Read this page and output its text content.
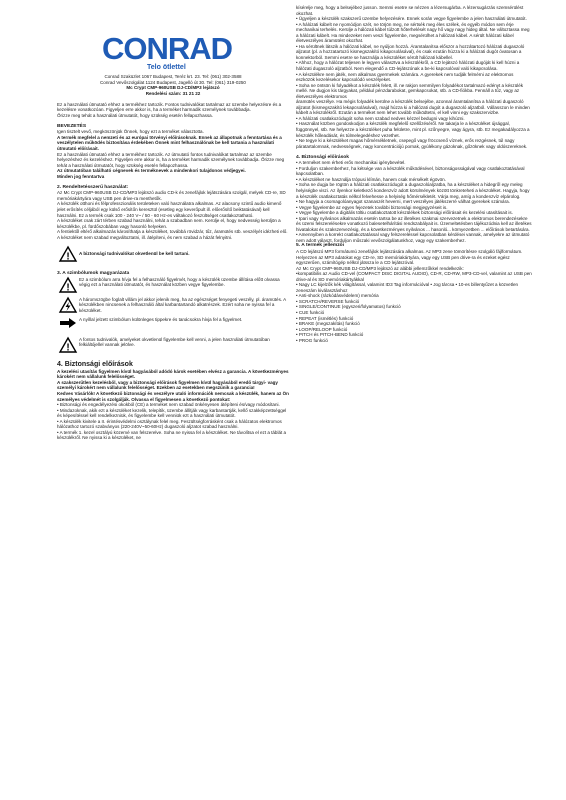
CONRAD
Telo ötlettel

Conrad Szaküzlet 1067 Budapest, Teréz krt. 23. Tel: (061) 302-3588

Conrad Vevőszolgálat 1124 Budapest, Jagelló út 30. Tel: (061) 319-0250

Mc Crypt CMP-960USB DJ-CD/MP3 lejátszó

Rendelési szám: 31 21 22

Ez a használati útmutató ehhez a termékhez tartozik. Fontos tudnivalókat tartalmaz az üzembe helyezésre és a kezelésre vonatkozóan. Figyeljen erre akkor is, ha a terméket harmadik személynek továbbadja.
Őrizze meg tehát a használati útmutatót, hogy szükség esetén fellapozhassa.

BEVEZETÉS

Igen tisztelt vevő, megköszönjük Önnek, hogy ezt a terméket választotta.

A termék megfelel a nemzeti és az európai törvényi előírásoknak. Ennek az állapotnak a fenntartása és a veszélytelen működés biztosítása érdekében Önnek mint felhasználónak be kell tartania a használati útmutató előírásait.

Ez a használati útmutató ehhez a termékhez tartozik. Az útmutató fontos tudnivalókat tartalmaz az üzembe helyezéshez és kezeléshez. Figyeljen erre akkor is, ha a terméket harmadik személynek továbbadja. Őrizze meg tehát a használati útmutatót, hogy szükség esetén fellapozhassa.

Az útmutatóban található cégnevek és terméknevek a mindenkori tulajdonos védjegyei.

Minden jog fenntartva

2. Rendeltetésszerű használat:

Az Mc Crypt CMP-960USB DJ-CD/MP3 lejátszó audio CD-k és zenefájlok lejátszására szolgál, melyek CD-re, SD memóriakártyára vagy USB pen drive-ra menthetők.

A készülék otthoni és félprofesszionális területeken való használatra alkalmas. Az alacsony szintű audio kimenő jelet erősítés céljából egy külső erősítőn keresztül (esetleg egy keverőpult ill. előerősítő beiktatásával) kell használni. Ez a termék csak 100 - 240 V~ / 50 - 60 Hz-es váltakozó feszültséget csatlakoztatható.

A készüléket csak zárt térben szabad használni, tehát a szabadban nem. Kerülje el, hogy nedvesség kerüljön a készülékbe, pl. fürdőszobában vagy hasonló helyeken.

A fentiektől eltérő alkalmazás károsíthatja a készüléket, továbbá rövidzár, tűz, áramütés stb. veszélyét idézheti elő.

A készüléket nem szabad megváltoztatni, ill. átépíteni, és nem szabad a házát felnyitni.

! A biztonsági tudnivalókat okvetlenül be kell tartani.

3. A szimbólumok magyarázata

!

Ez a szimbólum arra hívja fel a felhasználó figyelmét, hogy a készülék üzembe állítása előtt olvassa végig ezt a használati útmutatót, és használat közben vegye figyelembe.

A háromszögbe foglalt villám jel akkor jelenik meg, ha az egészséget fenyegeti veszély, pl. áramütés. A készülékben nincsenek a felhasználó által karbantartandó alkatrészek. Ezért soha ne nyissa fel a készüléket.

A nyíllal jelzett szimbólum különleges tippekre és tanácsokra hívja fel a figyelmet.

!

A fontos tudnivalók, amelyeket okvetlenül figyelembe kell venni, a jelen használati útmutatóban felkiáltójellel vannak jelölve.

4. Biztonsági előírások

A kezelési utasítás figyelmen kívül hagyásából adódó károk esetében elvész a garancia. A következményes károkért nem vállalunk felelősséget.

A szakszerűtlen kezelésből, vagy a biztonsági előírások figyelmen kívül hagyásából eredő tárgyi- vagy személyi károkért nem vállalunk felelősséget. Ezekben az esetekben megszűnik a garancia!

Kedves Vásárlók! A következő biztonsági és veszélyre utaló információk nemcsak a készülék, hanem az Ön személyes védelmét is szolgálják. Olvassa el figyelmesen a következő pontokat:

• Biztonsági és engedélyezési okokból (CE) a terméket nem szabad önkényesen átépíteni és/vagy módosítani.

• Mindazoknak, akik ezt a készüléket kezelik, telepítik, üzembe állítják vagy karbantartják, kellő szakképzettséggel és képesítéssel kell rendelkezniük, és figyelembe kell venniük ezt a használati útmutatót.

• A készülék kivitele a II. érintésvédelmi osztálynak felel meg. Feszültségforrásként csak a hálózatos elektromos hálózathoz tartozó szabványos (220-240V~50-60Hz) dugaszoló aljzatot szabad használni.

• A termék 1. kezel osztályú közemé van felszerelve. Soha ne nyissa fel a készüléket. Ne távolítsa el ezt a táblát a készülékről. Ne nyissa ki a készüléket, ne

kísérelje meg, hogy a belsejébez jusson. Semmi esetre se nézzen a lézersugárba. A lézersugárzás szemsérülést okozhat.

• Ügyeljen a készülék szakszerű üzembe helyezésére. Ennek során vegye figyelembe a jelen használati útmutatót.

• A hálózati kábelt ne nyomódjon szét, ne törjön meg, ne sértsék meg éles szélek, és egyéb módon sem érje mechanikai terhelés. Kerülje a hálózati kábel túlzott hőterhelését nagy hő vagy nagy hideg által. Ne változtassa meg a hálózati kábelt. Ha mindezeket nem veszi figyelembe, megsérülhet a hálózati kábel. A sérült hálózati kábel életveszélyes áramütést okozhat.

• Ha sérültnek látszik a hálózati kábel, ne nyúljon hozzá. Áramtalanítsa először a hozzátartozó hálózati dugaszoló aljzatot (pl. a hozzatartozó kismegszakító kikapcsolásával), és csak ezután húzza ki a hálózati dugót óvatosan a konnektorból. Semmi esetre se használja a készüléket sérült hálózati kábellel.

• Ahhoz, hogy a hálózat teljesen le legyen választva a készülékről, a CD lejátszó hálózati dugóját ki kell húzni a hálózati dugaszoló aljzatból. Nem elegendő a CD-lejátszónak a be-ki kapcsolóval való kikapcsolása.

• A készülékre nem játék, nem alkalmas gyermekek számára. A gyerekek nem tudják felmérni az elektromos eszközök kezelésekor kapcsolódó veszélyeket.

• Soha ne öntsön ki folyadékot a készülék felett, ill. ne rakjon semmilyen folyadékot tartalmazó edényt a készülék mellé. Ne dugjon kis tárgyakat, például pénzdarabokat, gemkapcsokat, stb. a CD-fiókba. Fennáll a tűz, vagy az életveszélyes elektromos

áramütés veszélye. Ha mégis folyadék kerülne a készülék belsejébe, azonnal áramtalanítsa a hálózati dugaszoló aljzatot (kismegszakító lekapcsolásával), majd húzza ki a hálózati dugót a dugaszoló aljzatból. Vállasszon le minden kábelt a készülékről. Ezután a terméket nem lehet tovább működtetni, el kell vinni egy szakszervizbe.

• A hálózati csatlakozódugót soha nem szabad nedves kézzel bedugni vagy kihúzni.

• Használat közben gondoskodjon a készülék megfelelő szellőzéséről. Ne takarja le a készüléket újsággal, függönnyel, stb. Ne helyezze a készüléket puha felületre, mint pl. szőnyegre, vagy ágyra, stb. Ez megakadályozza a készülék hőleadását, és túlmelegedéshez vezethet.

• Ne tegye ki a készüléket magas hőmérsékletnek, csepegő vagy fröccsenő víznek, erős rezgésnek, túl nagy páratartalomnak, nedvességnek, nagy koncentrációjú pornak, gyúlékony gázoknak, gőzöknek vagy oldószereknek.

4. Biztonsági előírások

• A terméket nem érheti erős mechanikai igénybevétel.

• Forduljon szakemberhez, ha kétsége van a készülék működésével, biztonságosságával vagy csatlakoztatásával kapcsolatban.

• A készüléket ne használja trópusi klímán, hanem csak mérsékelt égövön.

• Soha ne dugja be rögtön a hálózati csatlakozódugót a dugaszolóaljzatba, ha a készüléket a hidegről egy meleg helyiségbe viszi. Az ilyenkor keletkező kondenzvíz adott körülmények között tönkreteheti a készüléket. Hagyja, hogy a készülék csatlakoztatás nélkül felvehesse a helyiség hőmérsékletét. Várja meg, amíg a kondenzvíz elpárolog.

• Ne hagyja a csomagolóanyagot szanaszét heverni, mert veszélyes játékszerré válhat gyerekek számára.

• Vegye figyelembe az egyes fejezetek további biztonsági megjegyzéseit is.

• Vegye figyelembe a digitális töltiu csatlakoztatott készülékek biztonsági előírásait és kezelési utasításait is.

• Ipari vagy nyilvános alkalmazás esetén tartsa be az illetékes szakmai szervezetnek a elektromos berendezésekre és üzemi felszerelésekre vonatkozó balesetelhárítási rendszabályait is. Üzemeltetésben tájékozódnia kell az illetékes hivatalokat és szakszervezésig, és a következményes nyilvános ... hasonló... környezetben ... előírások betartására.

• Amennyiben a korrekt csatlakoztatással vagy felszereléssel kapcsolatban kérdései vannak, amelyekre az útmutató nem adott választ, forduljon műszaki vevőszolgálatunkhoz, vagy egy szakemberhez.

5. A termék jellemzői

A CD lejátszó MP3 formátumú zenefájlok lejátszására alkalmas. Az MP3 zene tömörítésre szolgáló fájlformátum. Helyezzen az MP3 adatokat egy CD-re, SD memóriakártyára, vagy egy USB pen drive-ra és ezeket egész egyszerűen, számítógép nélkül játssza le a CD lejátszóval.

Az Mc Crypt CMP-960USB DJ-CD/MP3 lejátszó az alábbi jellemzőkkel rendelkezik:

•kompatibilis az Audio CD-vel (COMPACT DISC DIGITAL AUDIO), CD-R, CD-RW, MP3-CD-vel, valamint az USB pen drive-al és SD memóriakártyákkal

• Nagy LC kijelzők kék világítással, valamint ID3 Tag információval • Jog tárcsa • 10-es billentyűzet a közvetlen zeneszám kiválasztáshoz

• Anti-shock (rázkódásvédelem) memória

• SCRATCH/REVERSE funkció

• SINGLE/CONTINUE (egyszeri/folyamatos) funkció

• CUE funkció

• REPEAT (ismétlés) funkció

• BRAKE (megszakítás) funkció

• LOOP/RELOOP funkció

• PITCH és PITCH-BEND funkció

• PROG funkció
